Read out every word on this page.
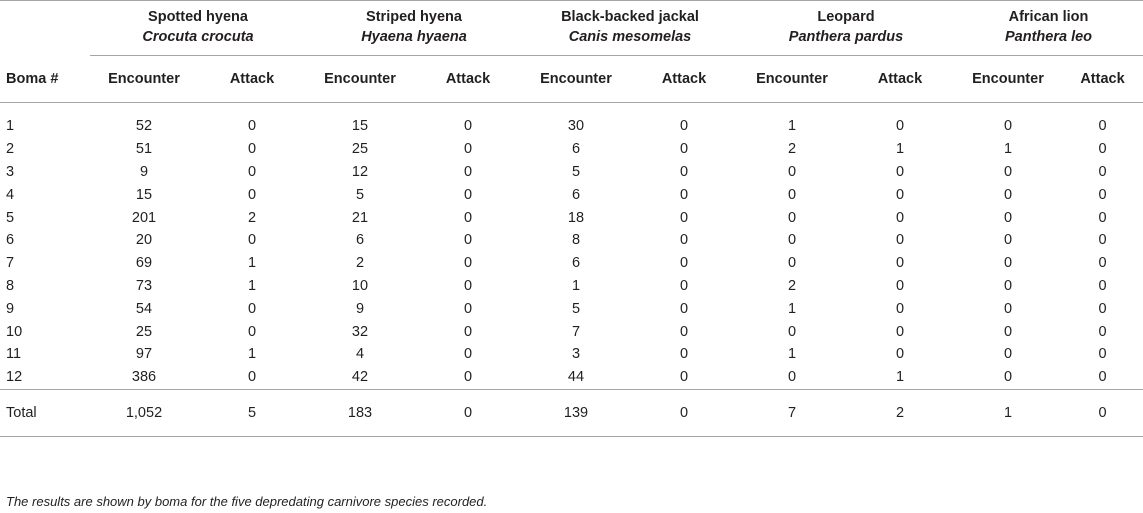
	Spotted hyena		Striped hyena		Black-backed jackal		Leopard		African lion	
	Crocuta crocuta		Hyaena hyaena		Canis mesomelas		Panthera pardus		Panthera leo	

Boma #	Encounter	Attack	Encounter	Attack	Encounter	Attack	Encounter	Attack	Encounter	Attack

1	52	0	15	0	30	0	1	0	0	0
2	51	0	25	0	6	0	2	1	1	0
3	9	0	12	0	5	0	0	0	0	0
4	15	0	5	0	6	0	0	0	0	0
5	201	2	21	0	18	0	0	0	0	0
6	20	0	6	0	8	0	0	0	0	0
7	69	1	2	0	6	0	0	0	0	0
8	73	1	10	0	1	0	2	0	0	0
9	54	0	9	0	5	0	1	0	0	0
10	25	0	32	0	7	0	0	0	0	0
11	97	1	4	0	3	0	1	0	0	0
12	386	0	42	0	44	0	0	1	0	0

Total	1,052	5	183	0	139	0	7	2	1	0

The results are shown by boma for the five depredating carnivore species recorded.
